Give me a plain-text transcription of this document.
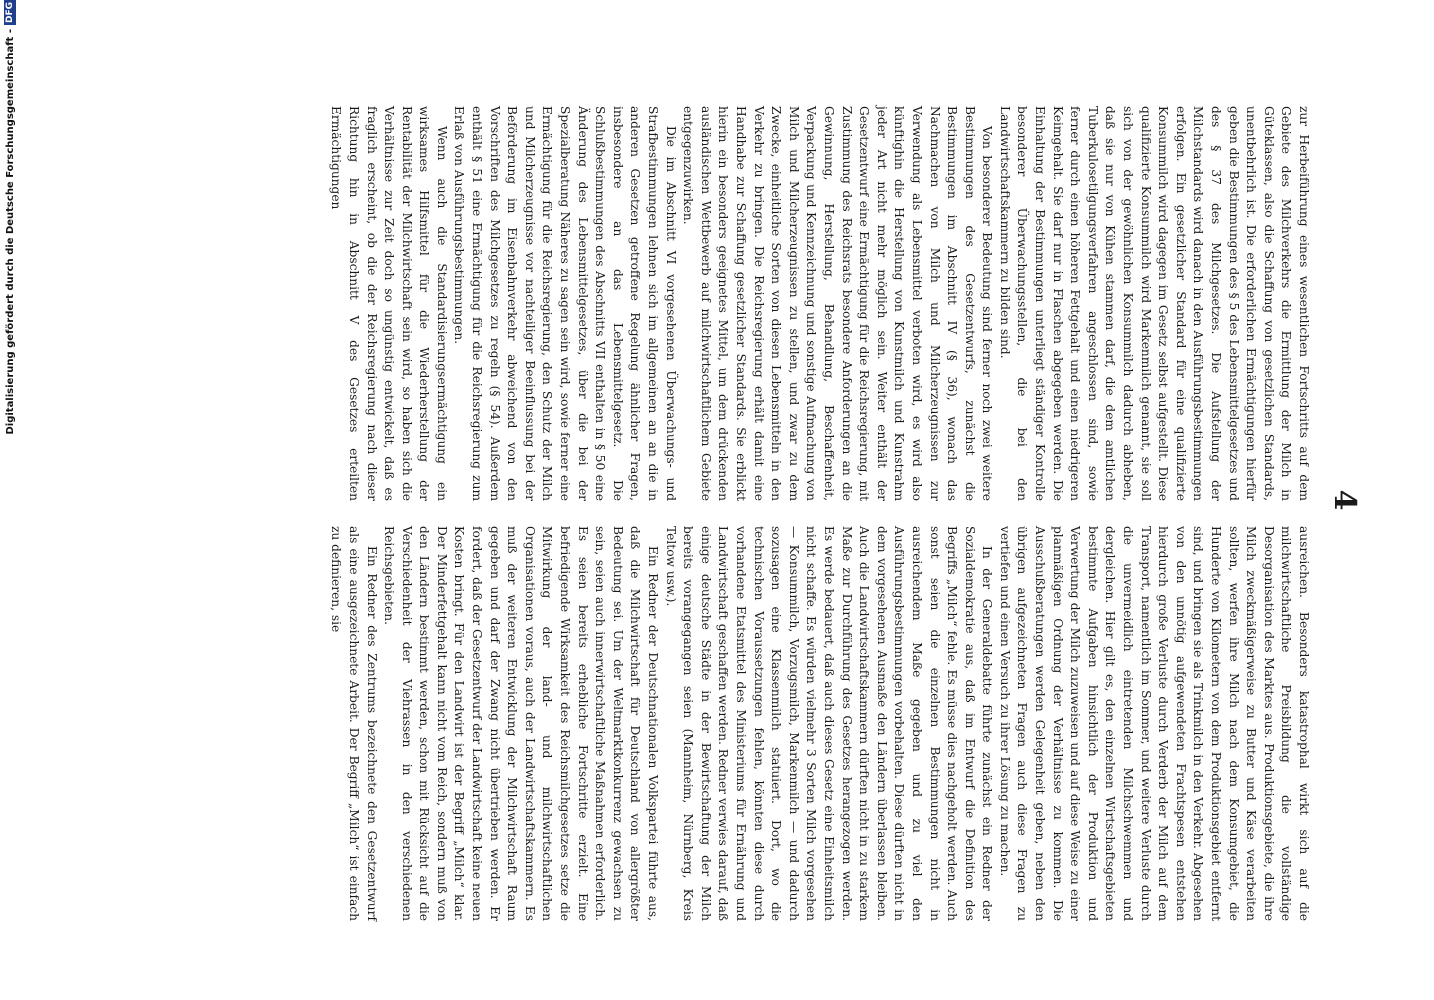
4

zur Herbeiführung eines wesentlichen Fortschritts auf dem Gebiete des Milchverkehrs die Ermittlung der Milch in Güteklassen, also die Schaffung von gesetzlichen Standards, unentbehrlich ist. Die erforderlichen Ermächtigungen hierfür geben die Bestimmungen des § 5 des Lebensmittelgesetzes und des § 37 des Milchgesetzes. Die Aufstellung der Milchstandards wird danach in den Ausführungsbestimmungen erfolgen. Ein gesetzlicher Standard für eine qualifizierte Konsummilch wird dagegen im Gesetz selbst aufgestellt. Diese qualifizierte Konsummilch wird Markenmilch genannt, sie soll sich von der gewöhnlichen Konsummilch dadurch abheben, daß sie nur von Kühen stammen darf, die dem amtlichen Tuberkulosetilgungsverfahren angeschlossen sind, sowie ferner durch einen höheren Fettgehalt und einen niedrigeren Keimgehalt. Sie darf nur in Flaschen abgegeben werden. Die Einhaltung der Bestimmungen unterliegt ständiger Kontrolle besonderer Überwachungsstellen, die bei den Landwirtschaftskammern zu bilden sind.

Von besonderer Bedeutung sind ferner noch zwei weitere Bestimmungen des Gesetzentwurfs, zunächst die Bestimmungen im Abschnitt IV (§ 36), wonach das Nachmachen von Milch und Milcherzeugnissen zur Verwendung als Lebensmittel verboten wird, es wird also künftighin die Herstellung von Kunstmilch und Kunstrahm jeder Art nicht mehr möglich sein. Weiter enthält der Gesetzentwurf eine Ermächtigung für die Reichsregierung, mit Zustimmung des Reichsrats besondere Anforderungen an die Gewinnung, Herstellung, Behandlung, Beschaffenheit, Verpackung und Kennzeichnung und sonstige Aufmachung von Milch und Milcherzeugnissen zu stellen, und zwar zu dem Zwecke, einheitliche Sorten von diesen Lebensmitteln in den Verkehr zu bringen. Die Reichsregierung erhält damit eine Handhabe zur Schaffung gesetzlicher Standards. Sie erblickt hierin ein besonders geeignetes Mittel, um dem drückenden ausländischen Wettbewerb auf milchwirtschaftlichem Gebiete entgegenzuwirken.

Die im Abschnitt VI vorgesehenen Überwachungs- und Strafbestimmungen lehnen sich im allgemeinen an an die in anderen Gesetzen getroffene Regelung ähnlicher Fragen, insbesondere an das Lebensmittelgesetz. Die Schlußbestimmungen des Abschnitts VII enthalten in § 50 eine Änderung des Lebensmittelgesetzes, über die bei der Spezialberatung Näheres zu sagen sein wird, sowie ferner eine Ermächtigung für die Reichsregierung, den Schutz der Milch und Milcherzeugnisse vor nachteiliger Beeinflussung bei der Beförderung im Eisenbahnverkehr abweichend von den Vorschriften des Milchgesetzes zu regeln (§ 54). Außerdem enthält § 51 eine Ermächtigung für die Reichsregierung zum Erlaß von Ausführungsbestimmungen.

Wenn auch die Standardisierungsermächtigung ein wirksames Hilfsmittel für die Wiederherstellung der Rentabilität der Milchwirtschaft sein wird, so haben sich die Verhältnisse zur Zeit doch so ungünstig entwickelt, daß es fraglich erscheint, ob die der Reichsregierung nach dieser Richtung hin in Abschnitt V des Gesetzes erteilten Ermächtigungen

ausreichen. Besonders katastrophal wirkt sich auf die milchwirtschaftliche Preisbildung die vollständige Desorganisation des Marktes aus. Produktionsgebiete, die ihre Milch zweckmäßigerweise zu Butter und Käse verarbeiten sollten, werfen ihre Milch nach dem Konsumgebiet, die Hunderte von Kilometern von dem Produktionsgebiet entfernt sind, und bringen sie als Trinkmilch in den Verkehr. Abgesehen von den unnötig aufgewendeten Frachtspesen entstehen hierdurch große Verluste durch Verderb der Milch auf dem Transport, namentlich im Sommer, und weitere Verluste durch die unvermeidlich eintretenden Milchschwemmen und dergleichen. Hier gilt es, den einzelnen Wirtschaftsgebieten bestimmte Aufgaben hinsichtlich der Produktion und Verwertung der Milch zuzuweisen und auf diese Weise zu einer planmäßigen Ordnung der Verhältnisse zu kommen. Die Ausschußberatungen werden Gelegenheit geben, neben den übrigen aufgezeichneten Fragen auch diese Fragen zu vertiefen und einen Versuch zu ihrer Lösung zu machen.

In der Generaldebatte führte zunächst ein Redner der Sozialdemokratie aus, daß im Entwurf die Definition des Begriffs „Milch“ fehle. Es müsse dies nachgeholt werden. Auch sonst seien die einzelnen Bestimmungen nicht in ausreichendem Maße gegeben und zu viel den Ausführungsbestimmungen vorbehalten. Diese dürften nicht in dem vorgesehenen Ausmaße den Ländern überlassen bleiben. Auch die Landwirtschaftskammern dürften nicht in zu starkem Maße zur Durchführung des Gesetzes herangezogen werden. Es werde bedauert, daß auch dieses Gesetz eine Einheitsmilch nicht schaffe. Es würden vielmehr 3 Sorten Milch vorgesehen — Konsummilch, Vorzugsmilch, Markenmilch — und dadurch sozusagen eine Klassenmilch statuiert. Dort, wo die technischen Voraussetzungen fehlen, könnten diese durch vorhandene Etatsmittel des Ministeriums für Ernährung und Landwirtschaft geschaffen werden. Redner verwies darauf, daß einige deutsche Städte in der Bewirtschaftung der Milch bereits vorangegangen seien (Mannheim, Nürnberg, Kreis Teltow usw.).

Ein Redner der Deutschnationalen Volkspartei führte aus, daß die Milchwirtschaft für Deutschland von allergrößter Bedeutung sei. Um der Weltmarktkonkurrenz gewachsen zu sein, seien auch innerwirtschaftliche Maßnahmen erforderlich. Es seien bereits erhebliche Fortschritte erzielt. Eine befriedigende Wirksamkeit des Reichsmilchgesetzes setze die Mitwirkung der land- und milchwirtschaftlichen Organisationen voraus, auch der Landwirtschaftskammern. Es muß der weiteren Entwicklung der Milchwirtschaft Raum gegeben und darf der Zwang nicht übertrieben werden. Er fordert, daß der Gesetzentwurf der Landwirtschaft keine neuen Kosten bringt. Für den Landwirt ist der Begriff „Milch“ klar. Der Minderfettgehalt kann nicht vom Reich, sondern muß von den Ländern bestimmt werden, schon mit Rücksicht auf die Verschiedenheit der Viehrassen in den verschiedenen Reichsgebieten.

Ein Redner des Zentrums bezeichnete den Gesetzentwurf als eine ausgezeichnete Arbeit. Der Begriff „Milch“ ist einfach zu definieren, sie

Digitalisierung gefördert durch die Deutsche Forschungsgemeinschaft -
DFG
